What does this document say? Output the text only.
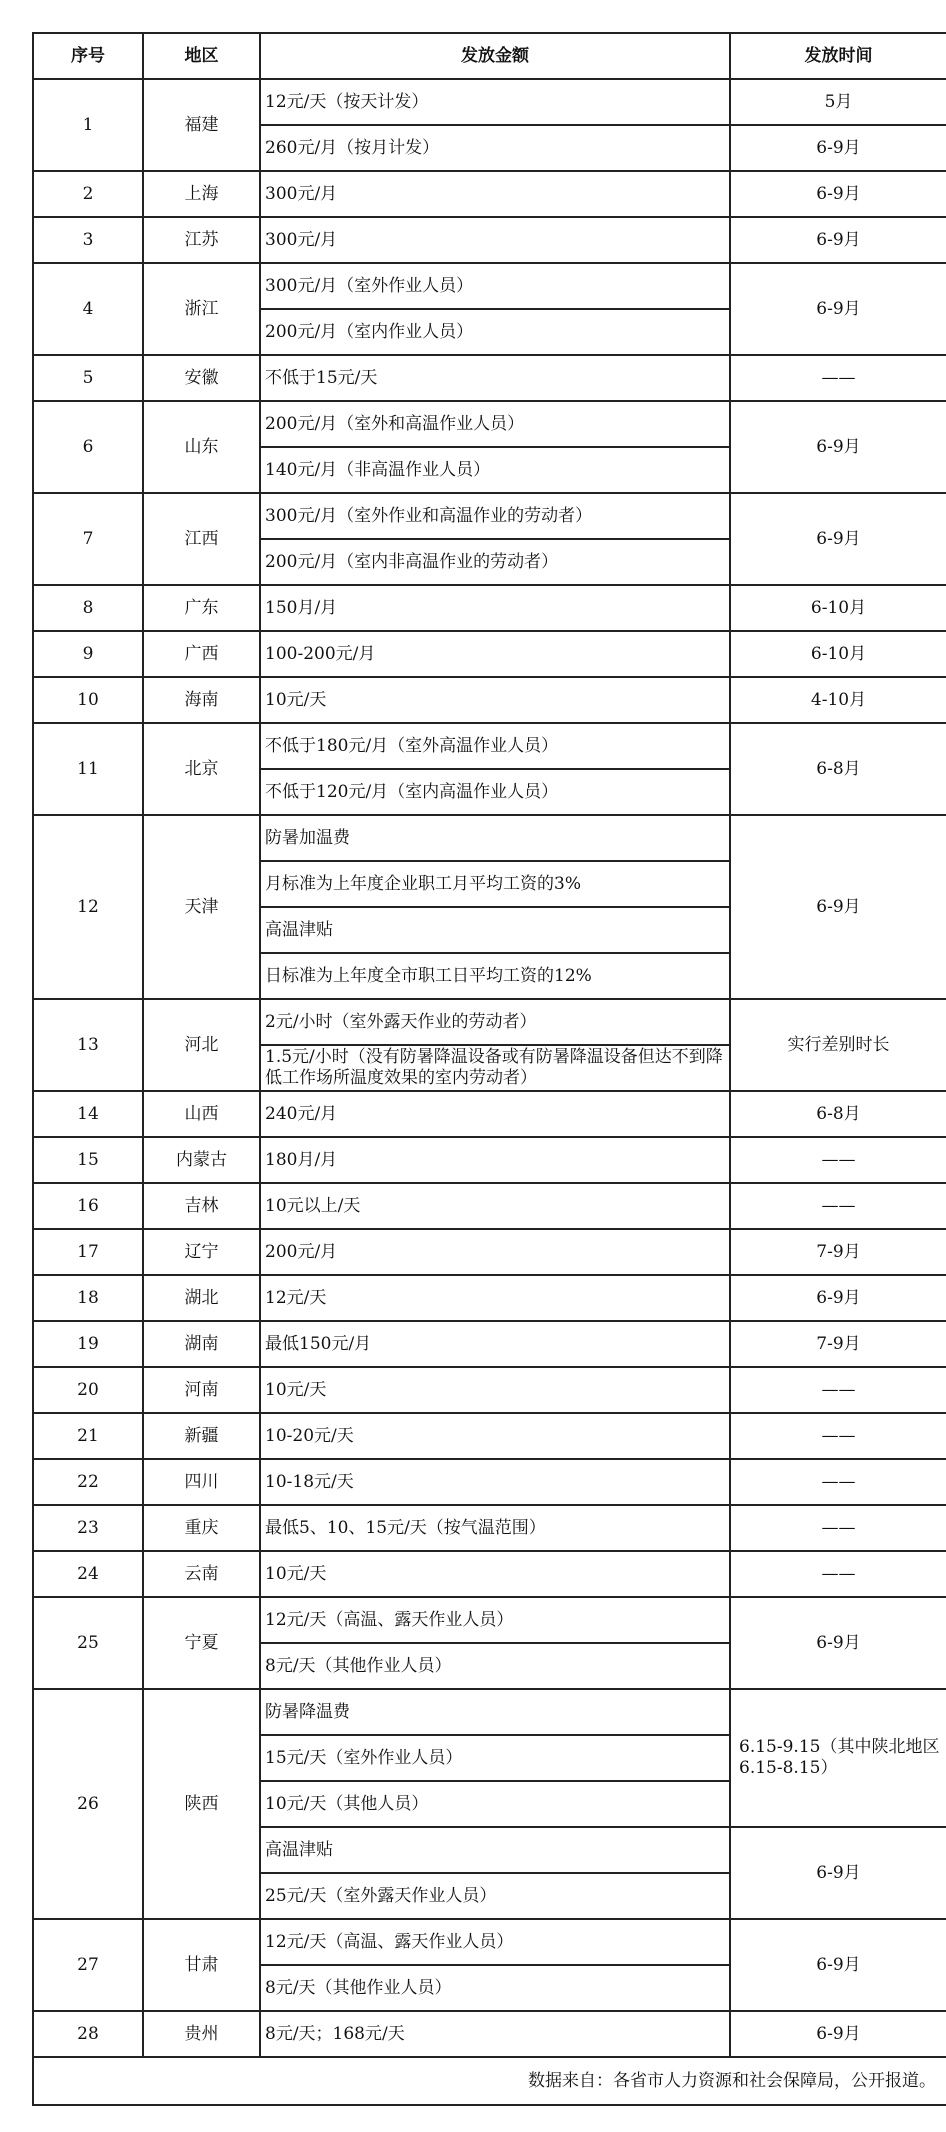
序号	地区	发放金额	发放时间
1	福建	12元/天（按天计发）	5月
		260元/月（按月计发）	6-9月
2	上海	300元/月	6-9月
3	江苏	300元/月	6-9月
4	浙江	300元/月（室外作业人员）	6-9月
		200元/月（室内作业人员）	
5	安徽	不低于15元/天	——
6	山东	200元/月（室外和高温作业人员）	6-9月
		140元/月（非高温作业人员）	
7	江西	300元/月（室外作业和高温作业的劳动者）	6-9月
		200元/月（室内非高温作业的劳动者）	
8	广东	150月/月	6-10月
9	广西	100-200元/月	6-10月
10	海南	10元/天	4-10月
11	北京	不低于180元/月（室外高温作业人员）	6-8月
		不低于120元/月（室内高温作业人员）	
12	天津	防暑加温费	6-9月
		月标准为上年度企业职工月平均工资的3%	
		高温津贴	
		日标准为上年度全市职工日平均工资的12%	
13	河北	2元/小时（室外露天作业的劳动者）	实行差别时长
		1.5元/小时（没有防暑降温设备或有防暑降温设备但达不到降低工作场所温度效果的室内劳动者）	
14	山西	240元/月	6-8月
15	内蒙古	180月/月	——
16	吉林	10元以上/天	——
17	辽宁	200元/月	7-9月
18	湖北	12元/天	6-9月
19	湖南	最低150元/月	7-9月
20	河南	10元/天	——
21	新疆	10-20元/天	——
22	四川	10-18元/天	——
23	重庆	最低5、10、15元/天（按气温范围）	——
24	云南	10元/天	——
25	宁夏	12元/天（高温、露天作业人员）	6-9月
		8元/天（其他作业人员）	
26	陕西	防暑降温费	6.15-9.15（其中陕北地区6.15-8.15）
		15元/天（室外作业人员）	
		10元/天（其他人员）	
		高温津贴	6-9月
		25元/天（室外露天作业人员）	
27	甘肃	12元/天（高温、露天作业人员）	6-9月
		8元/天（其他作业人员）	
28	贵州	8元/天；168元/天	6-9月
数据来自：各省市人力资源和社会保障局，公开报道。			
